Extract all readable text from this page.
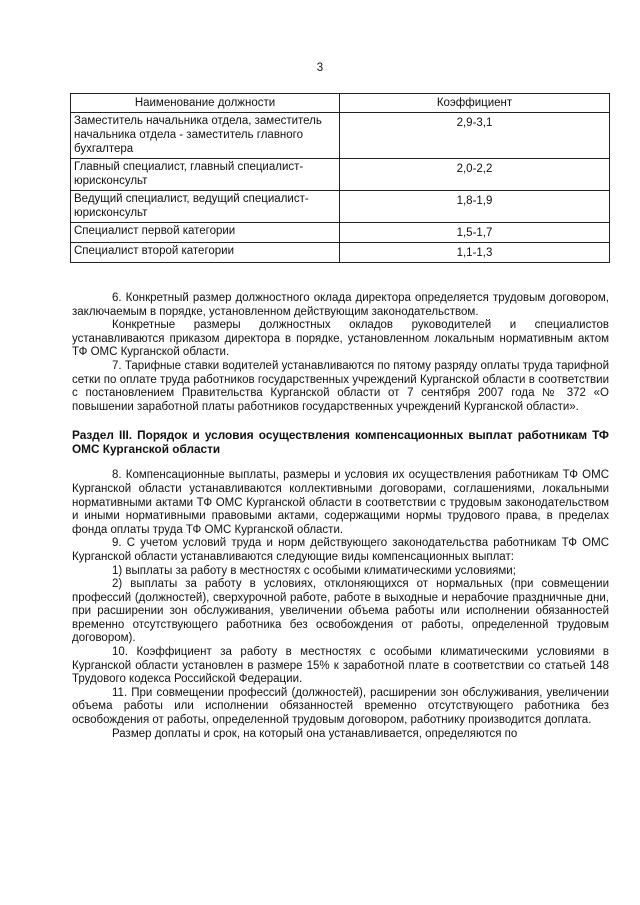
3
Наименование должности	Коэффициент
Заместитель начальника отдела, заместитель начальника отдела - заместитель главного бухгалтера	2,9-3,1
Главный специалист, главный специалист-юрисконсульт	2,0-2,2
Ведущий специалист, ведущий специалист-юрисконсульт	1,8-1,9
Специалист первой категории	1,5-1,7
Специалист второй категории	1,1-1,3

6. Конкретный размер должностного оклада директора определяется трудовым договором, заключаемым в порядке, установленном действующим законодательством.

Конкретные размеры должностных окладов руководителей и специалистов устанавливаются приказом директора в порядке, установленном локальным нормативным актом ТФ ОМС Курганской области.

7. Тарифные ставки водителей устанавливаются по пятому разряду оплаты труда тарифной сетки по оплате труда работников государственных учреждений Курганской области в соответствии с постановлением Правительства Курганской области от 7 сентября 2007 года № 372 «О повышении заработной платы работников государственных учреждений Курганской области».

Раздел III. Порядок и условия осуществления компенсационных выплат работникам ТФ ОМС Курганской области

8. Компенсационные выплаты, размеры и условия их осуществления работникам ТФ ОМС Курганской области устанавливаются коллективными договорами, соглашениями, локальными нормативными актами ТФ ОМС Курганской области в соответствии с трудовым законодательством и иными нормативными правовыми актами, содержащими нормы трудового права, в пределах фонда оплаты труда ТФ ОМС Курганской области.

9. С учетом условий труда и норм действующего законодательства работникам ТФ ОМС Курганской области устанавливаются следующие виды компенсационных выплат:

1) выплаты за работу в местностях с особыми климатическими условиями;

2) выплаты за работу в условиях, отклоняющихся от нормальных (при совмещении профессий (должностей), сверхурочной работе, работе в выходные и нерабочие праздничные дни, при расширении зон обслуживания, увеличении объема работы или исполнении обязанностей временно отсутствующего работника без освобождения от работы, определенной трудовым договором).

10. Коэффициент за работу в местностях с особыми климатическими условиями в Курганской области установлен в размере 15% к заработной плате в соответствии со статьей 148 Трудового кодекса Российской Федерации.

11. При совмещении профессий (должностей), расширении зон обслуживания, увеличении объема работы или исполнении обязанностей временно отсутствующего работника без освобождения от работы, определенной трудовым договором, работнику производится доплата.

Размер доплаты и срок, на который она устанавливается, определяются по
